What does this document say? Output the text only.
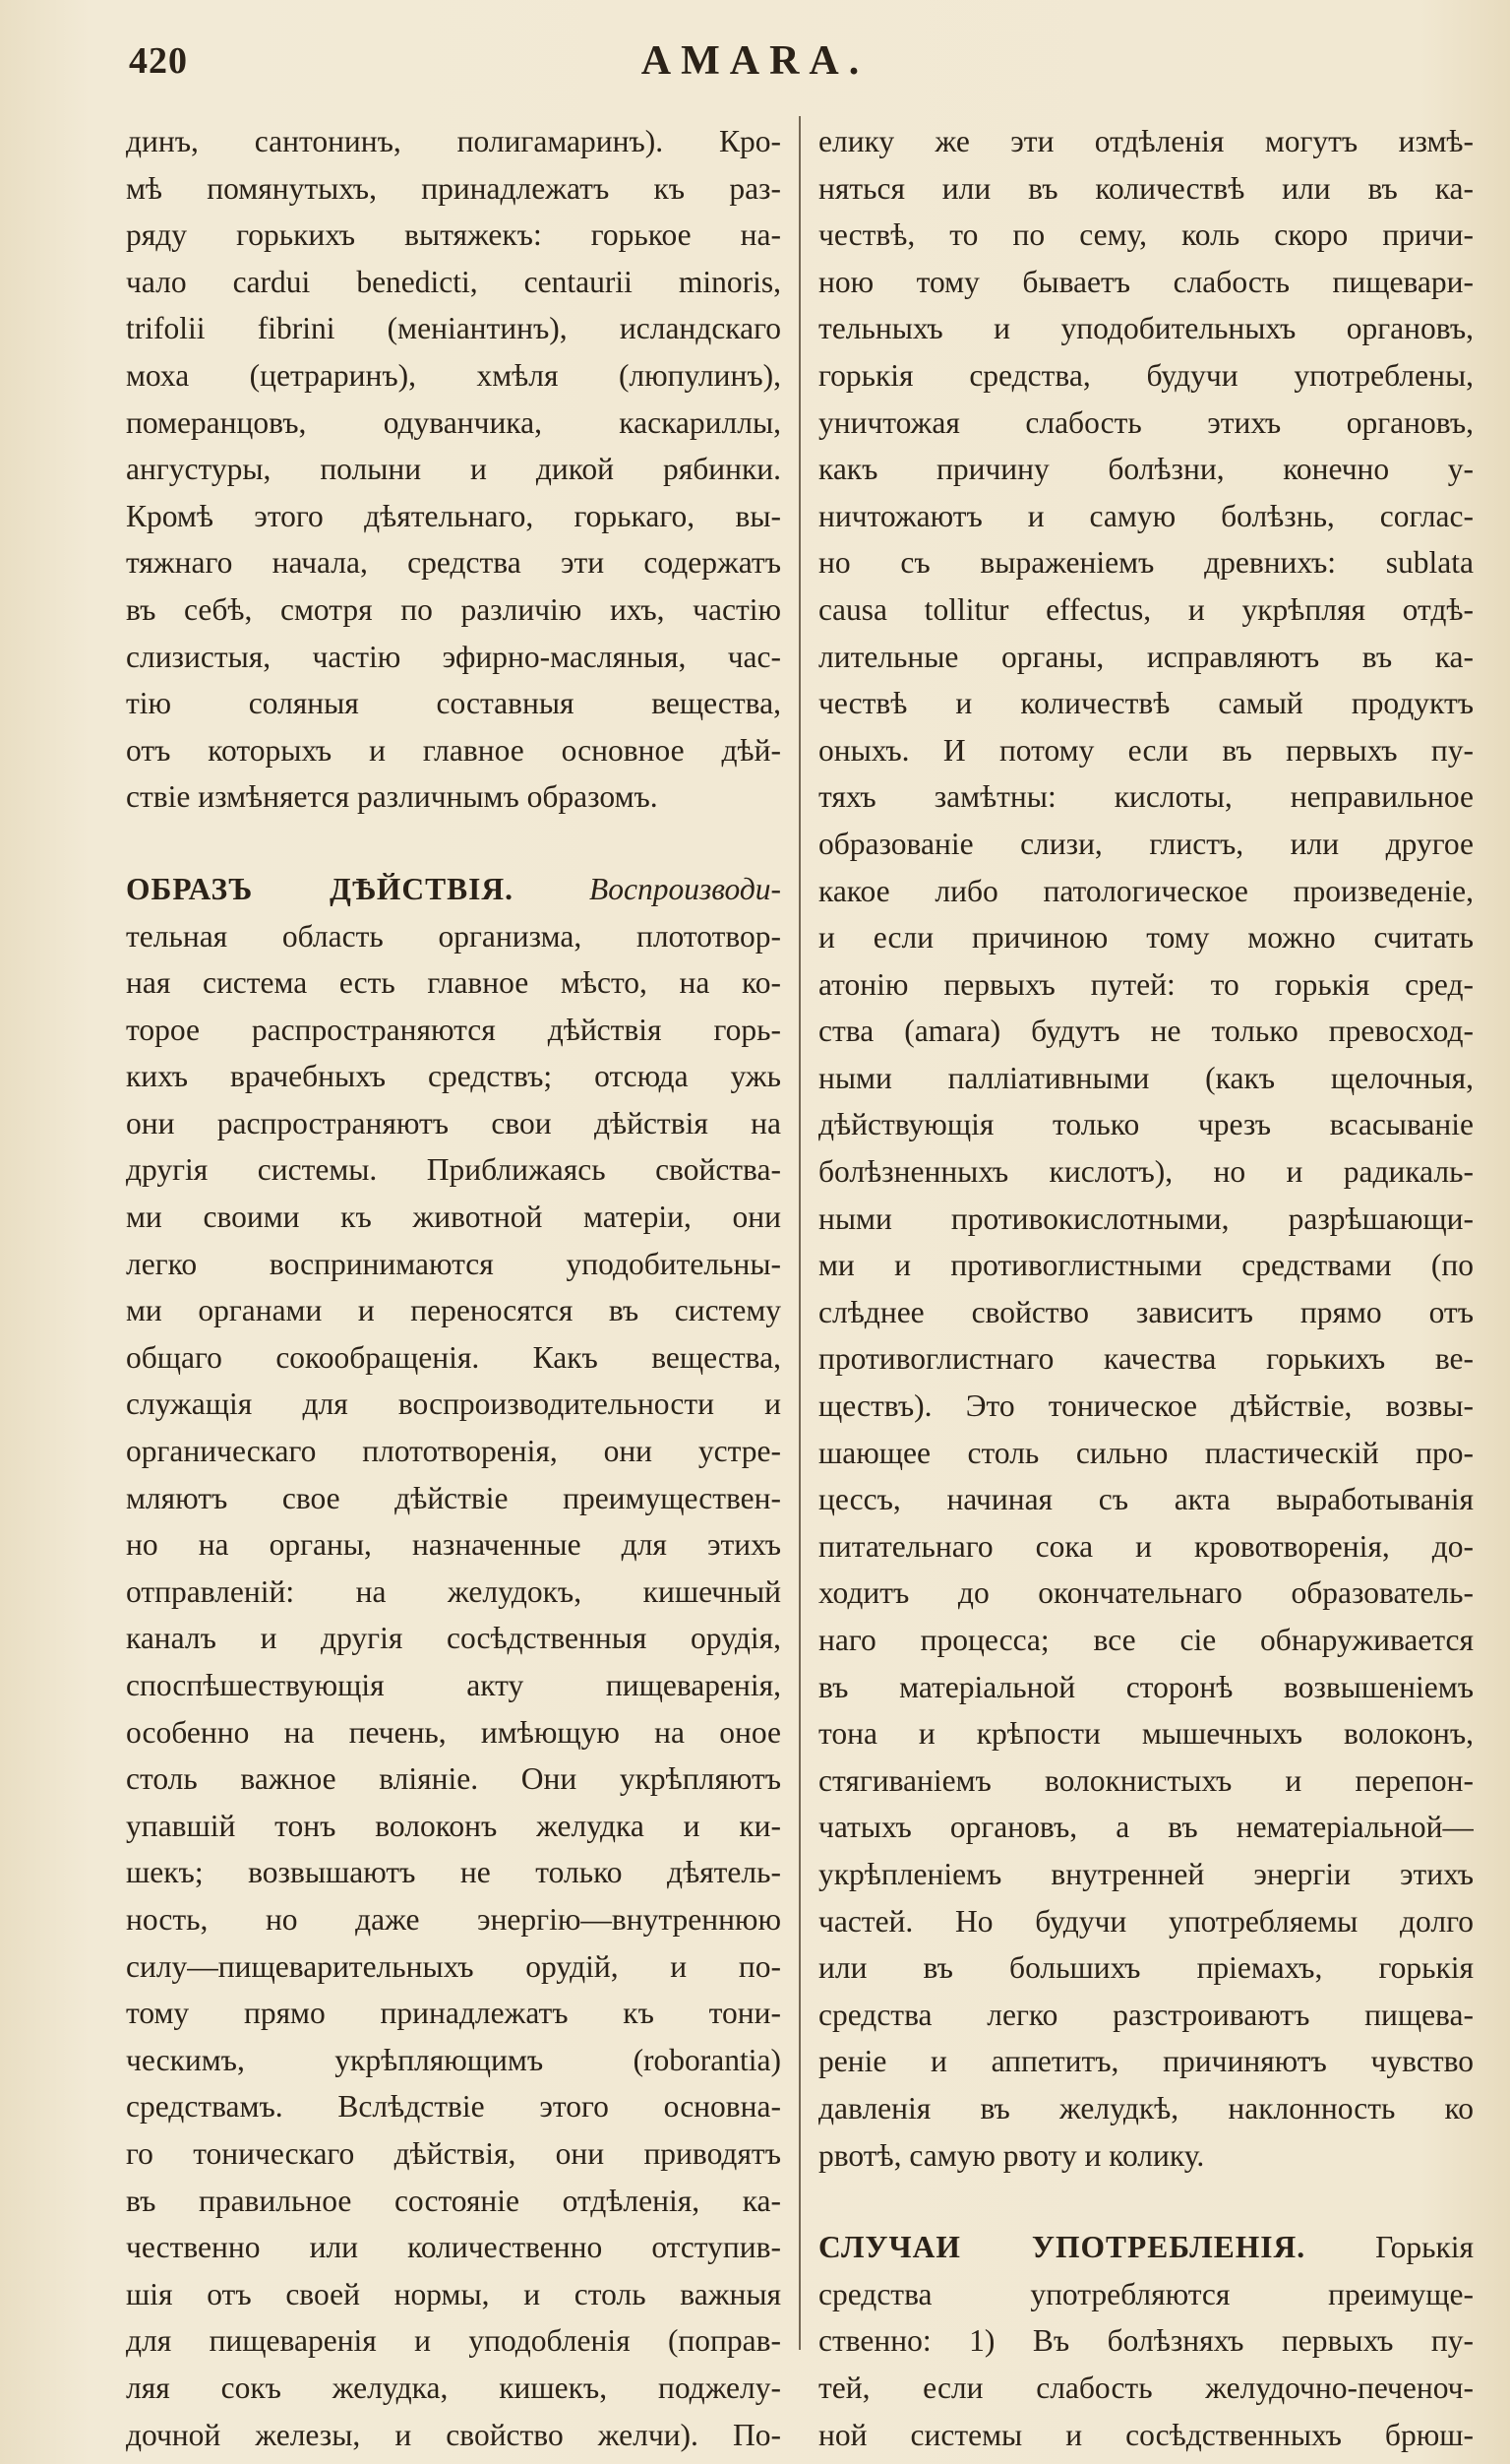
420	AMARA.
динъ, сантонинъ, полигамаринъ). Кро-
мѣ помянутыхъ, принадлежатъ къ раз-
ряду горькихъ вытяжекъ: горькое на-
чало cardui benedicti, centaurii minoris,
trifolii fibrini (меніантинъ), исландскаго
моха (цетраринъ), хмѣля (люпулинъ),
померанцовъ, одуванчика, каскариллы,
ангустуры, полыни и дикой рябинки.
Кромѣ этого дѣятельнаго, горькаго, вы-
тяжнаго начала, средства эти содержатъ
въ себѣ, смотря по различію ихъ, частію
слизистыя, частію эфирно-масляныя, час-
тію соляныя составныя вещества,
отъ которыхъ и главное основное дѣй-
ствіе измѣняется различнымъ образомъ.
ОБРАЗЪ ДѢЙСТВІЯ. Воспроизводи-
тельная область организма, плототвор-
ная система есть главное мѣсто, на ко-
торое распространяются дѣйствія горь-
кихъ врачебныхъ средствъ; отсюда ужь
они распространяютъ свои дѣйствія на
другія системы. Приближаясь свойства-
ми своими къ животной матеріи, они
легко воспринимаются уподобительны-
ми органами и переносятся въ систему
общаго сокообращенія. Какъ вещества,
служащія для воспроизводительности и
органическаго плототворенія, они устре-
мляютъ свое дѣйствіе преимуществен-
но на органы, назначенные для этихъ
отправленій: на желудокъ, кишечный
каналъ и другія сосѣдственныя орудія,
споспѣшествующія акту пищеваренія,
особенно на печень, имѣющую на оное
столь важное вліяніе. Они укрѣпляютъ
упавшій тонъ волоконъ желудка и ки-
шекъ; возвышаютъ не только дѣятель-
ность, но даже энергію—внутреннюю
силу—пищеварительныхъ орудій, и по-
тому прямо принадлежатъ къ тони-
ческимъ, укрѣпляющимъ (roborantia)
средствамъ. Вслѣдствіе этого основна-
го тоническаго дѣйствія, они приводятъ
въ правильное состояніе отдѣленія, ка-
чественно или количественно отступив-
шія отъ своей нормы, и столь важныя
для пищеваренія и уподобленія (поправ-
ляя сокъ желудка, кишекъ, поджелу-
дочной железы, и свойство желчи). По-
елику же эти отдѣленія могутъ измѣ-
няться или въ количествѣ или въ ка-
чествѣ, то по сему, коль скоро причи-
ною тому бываетъ слабость пищевари-
тельныхъ и уподобительныхъ органовъ,
горькія средства, будучи употреблены,
уничтожая слабость этихъ органовъ,
какъ причину болѣзни, конечно у-
ничтожаютъ и самую болѣзнь, соглас-
но съ выраженіемъ древнихъ: sublata
causa tollitur effectus, и укрѣпляя отдѣ-
лительные органы, исправляютъ въ ка-
чествѣ и количествѣ самый продуктъ
оныхъ. И потому если въ первыхъ пу-
тяхъ замѣтны: кислоты, неправильное
образованіе слизи, глистъ, или другое
какое либо патологическое произведеніе,
и если причиною тому можно считать
атонію первыхъ путей: то горькія сред-
ства (amara) будутъ не только превосход-
ными палліативными (какъ щелочныя,
дѣйствующія только чрезъ всасываніе
болѣзненныхъ кислотъ), но и радикаль-
ными противокислотными, разрѣшающи-
ми и противоглистными средствами (по
слѣднее свойство зависитъ прямо отъ
противоглистнаго качества горькихъ ве-
ществъ). Это тоническое дѣйствіе, возвы-
шающее столь сильно пластическій про-
цессъ, начиная съ акта выработыванія
питательнаго сока и кровотворенія, до-
ходитъ до окончательнаго образователь-
наго процесса; все сіе обнаруживается
въ матеріальной сторонѣ возвышеніемъ
тона и крѣпости мышечныхъ волоконъ,
стягиваніемъ волокнистыхъ и перепон-
чатыхъ органовъ, а въ нематеріальной—
укрѣпленіемъ внутренней энергіи этихъ
частей. Но будучи употребляемы долго
или въ большихъ пріемахъ, горькія
средства легко разстроиваютъ пищева-
реніе и аппетитъ, причиняютъ чувство
давленія въ желудкѣ, наклонность ко
рвотѣ, самую рвоту и колику.
СЛУЧАИ УПОТРЕБЛЕНІЯ. Горькія
средства употребляются преимуще-
ственно: 1) Въ болѣзняхъ первыхъ пу-
тей, если слабость желудочно-печеноч-
ной системы и сосѣдственныхъ брюш-
